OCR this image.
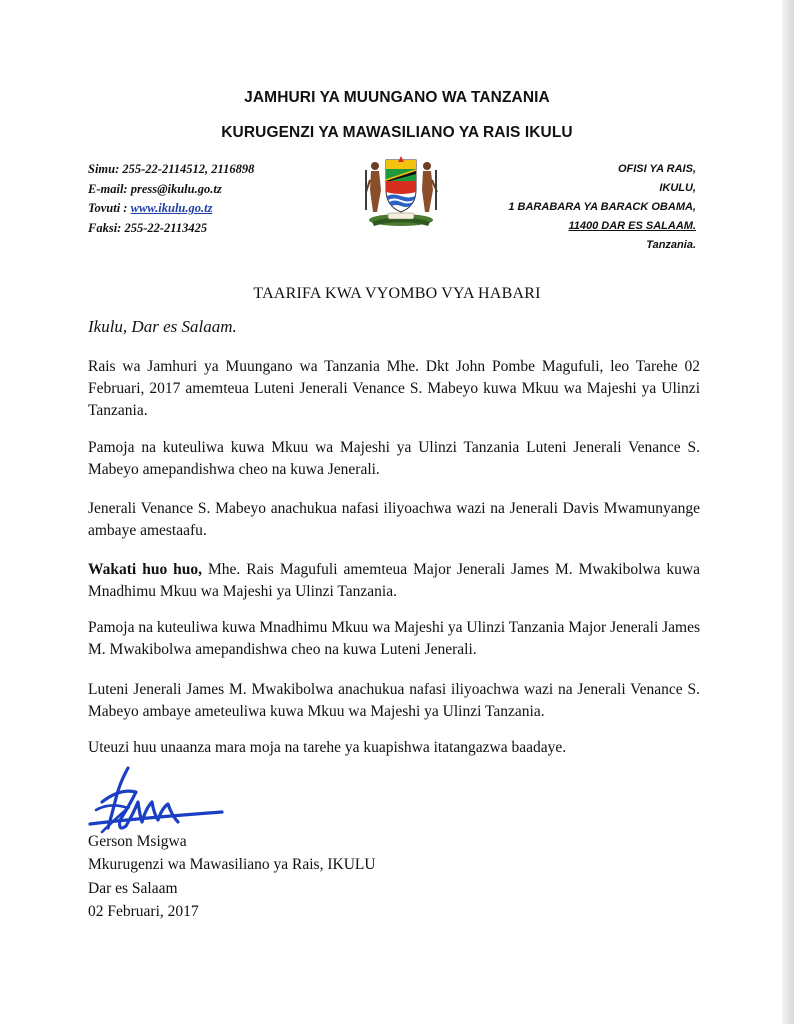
JAMHURI YA MUUNGANO WA TANZANIA
KURUGENZI YA MAWASILIANO YA RAIS IKULU
Simu: 255-22-2114512, 2116898
E-mail: press@ikulu.go.tz
Tovuti : www.ikulu.go.tz
Faksi: 255-22-2113425
OFISI YA RAIS,
IKULU,
1 BARABARA YA BARACK OBAMA,
11400 DAR ES SALAAM.
Tanzania.
TAARIFA KWA VYOMBO VYA HABARI
Ikulu, Dar es Salaam.

Rais wa Jamhuri ya Muungano wa Tanzania Mhe. Dkt John Pombe Magufuli, leo Tarehe 02 Februari, 2017 amemteua Luteni Jenerali Venance S. Mabeyo kuwa Mkuu wa Majeshi ya Ulinzi Tanzania.

Pamoja na kuteuliwa kuwa Mkuu wa Majeshi ya Ulinzi Tanzania Luteni Jenerali Venance S. Mabeyo amepandishwa cheo na kuwa Jenerali.

Jenerali Venance S. Mabeyo anachukua nafasi iliyoachwa wazi na Jenerali Davis Mwamunyange ambaye amestaafu.

Wakati huo huo, Mhe. Rais Magufuli amemteua Major Jenerali James M. Mwakibolwa kuwa Mnadhimu Mkuu wa Majeshi ya Ulinzi Tanzania.

Pamoja na kuteuliwa kuwa Mnadhimu Mkuu wa Majeshi ya Ulinzi Tanzania Major Jenerali James M. Mwakibolwa amepandishwa cheo na kuwa Luteni Jenerali.

Luteni Jenerali James M. Mwakibolwa anachukua nafasi iliyoachwa wazi na Jenerali Venance S. Mabeyo ambaye ameteuliwa kuwa Mkuu wa Majeshi ya Ulinzi Tanzania.

Uteuzi huu unaanza mara moja na tarehe ya kuapishwa itatangazwa baadaye.

Gerson Msigwa
Mkurugenzi wa Mawasiliano ya Rais, IKULU
Dar es Salaam
02 Februari, 2017
